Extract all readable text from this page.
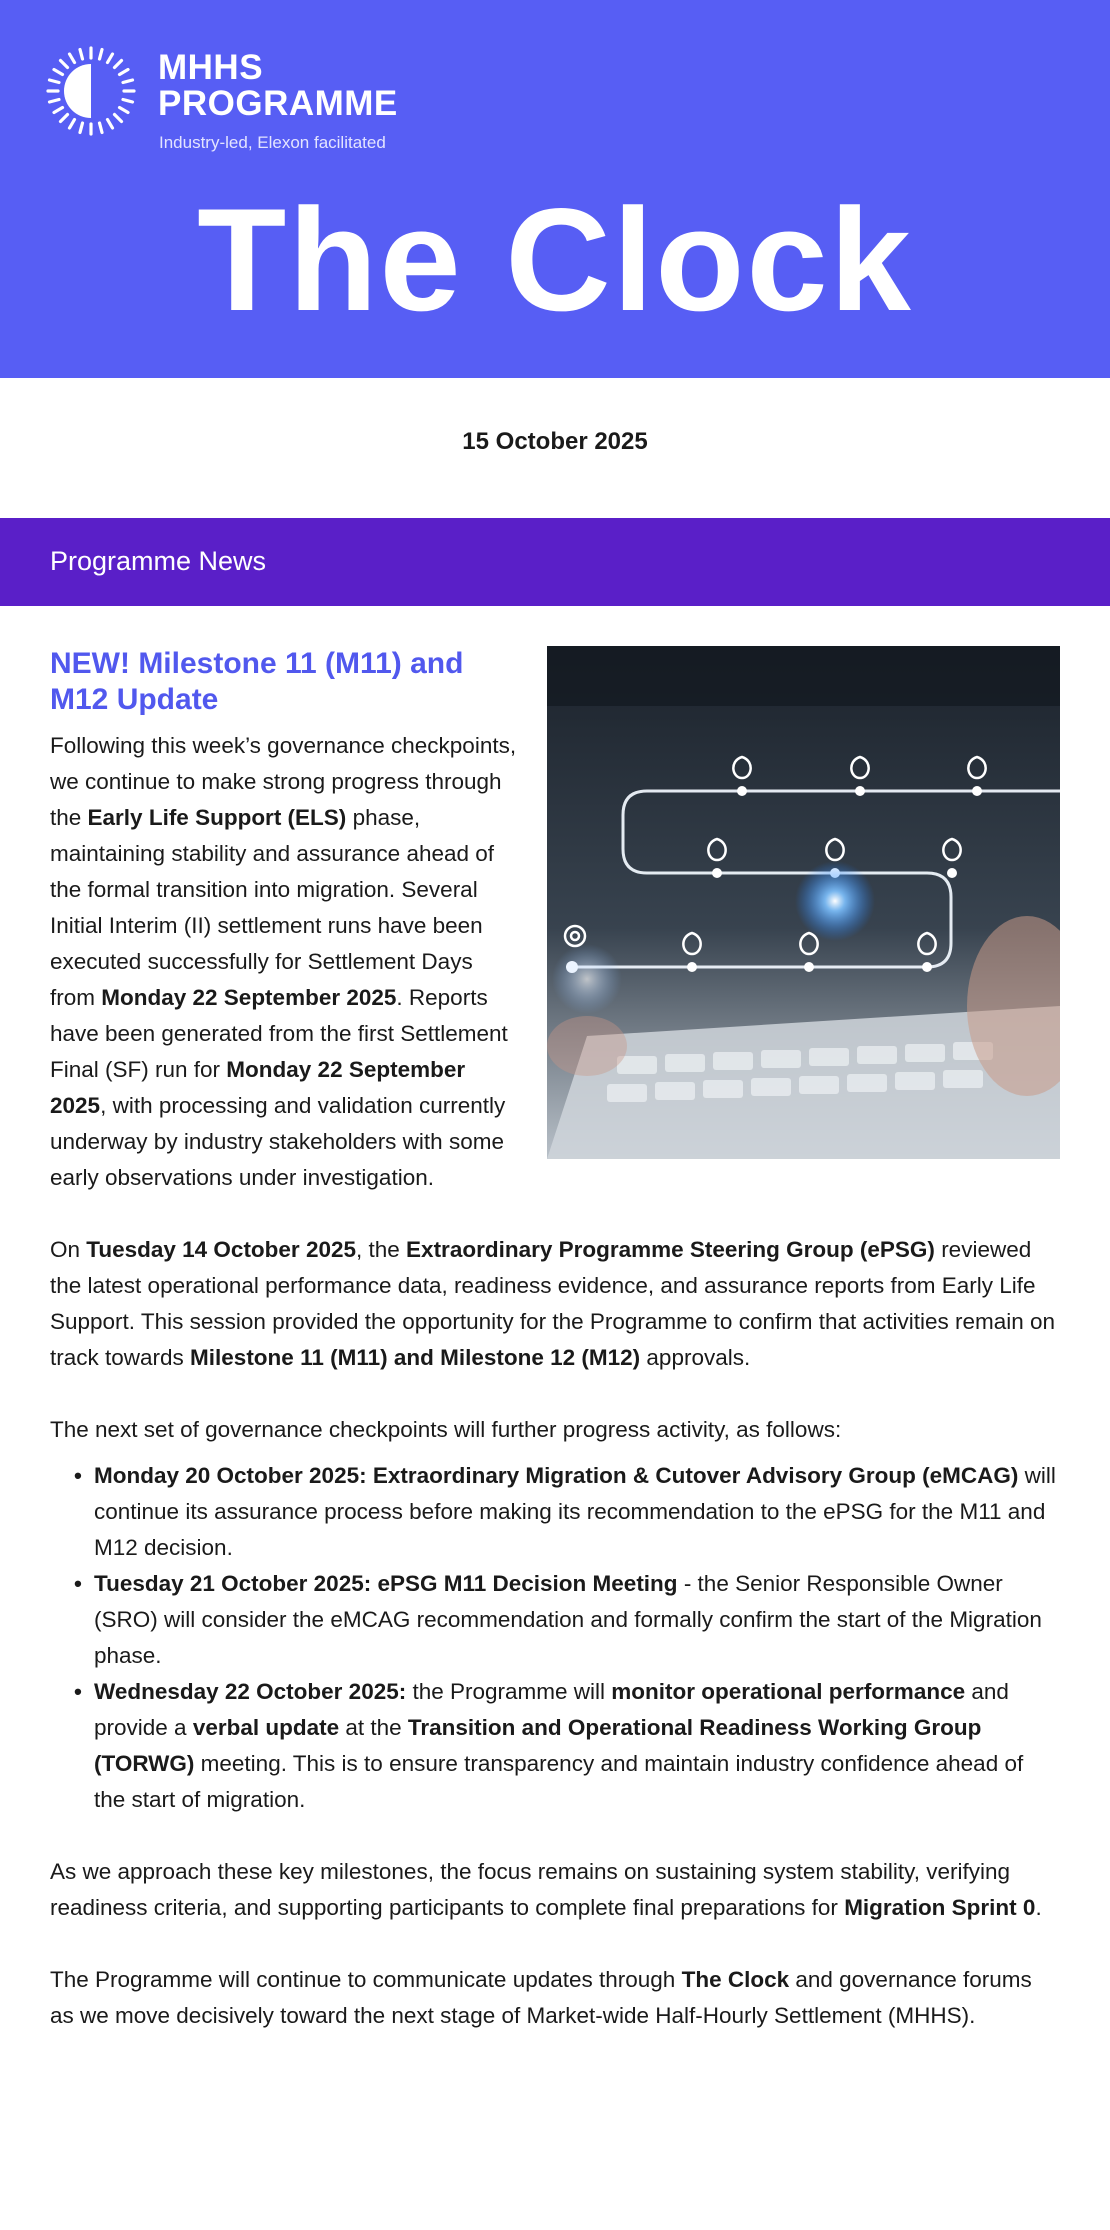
MHHS
PROGRAMME
Industry-led, Elexon facilitated
The Clock
15 October 2025
Programme News
NEW! Milestone 11 (M11) and M12 Update

Following this week’s governance checkpoints, we continue to make strong progress through the Early Life Support (ELS) phase, maintaining stability and assurance ahead of the formal transition into migration. Several Initial Interim (II) settlement runs have been executed successfully for Settlement Days from Monday 22 September 2025. Reports have been generated from the first Settlement Final (SF) run for Monday 22 September 2025, with processing and validation currently underway by industry stakeholders with some early observations under investigation.

On Tuesday 14 October 2025, the Extraordinary Programme Steering Group (ePSG) reviewed the latest operational performance data, readiness evidence, and assurance reports from Early Life Support. This session provided the opportunity for the Programme to confirm that activities remain on track towards Milestone 11 (M11) and Milestone 12 (M12) approvals.

The next set of governance checkpoints will further progress activity, as follows:

• Monday 20 October 2025: Extraordinary Migration & Cutover Advisory Group (eMCAG) will continue its assurance process before making its recommendation to the ePSG for the M11 and M12 decision.
• Tuesday 21 October 2025: ePSG M11 Decision Meeting - the Senior Responsible Owner (SRO) will consider the eMCAG recommendation and formally confirm the start of the Migration phase.
• Wednesday 22 October 2025: the Programme will monitor operational performance and provide a verbal update at the Transition and Operational Readiness Working Group (TORWG) meeting. This is to ensure transparency and maintain industry confidence ahead of the start of migration.

As we approach these key milestones, the focus remains on sustaining system stability, verifying readiness criteria, and supporting participants to complete final preparations for Migration Sprint 0.

The Programme will continue to communicate updates through The Clock and governance forums as we move decisively toward the next stage of Market-wide Half-Hourly Settlement (MHHS).
